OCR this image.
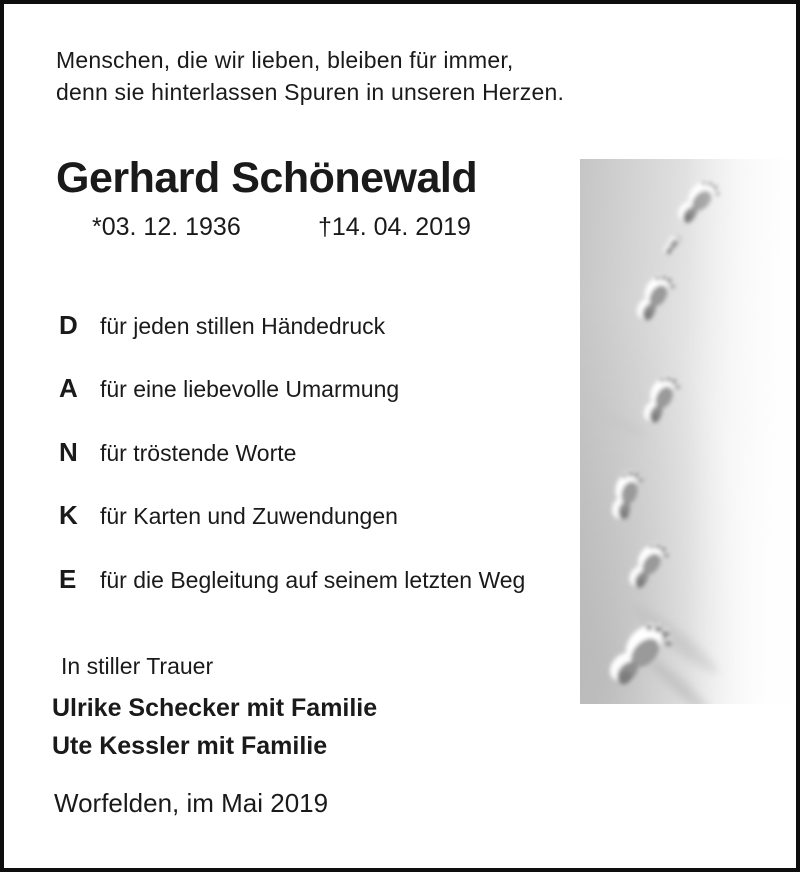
Menschen, die wir lieben, bleiben für immer,
denn sie hinterlassen Spuren in unseren Herzen.
Gerhard Schönewald
*03. 12. 1936	†14. 04. 2019
D für jeden stillen Händedruck
A für eine liebevolle Umarmung
N für tröstende Worte
K für Karten und Zuwendungen
E	für die Begleitung auf seinem letzten Weg
In stiller Trauer
Ulrike Schecker mit Familie
Ute Kessler mit Familie
Worfelden, im Mai 2019
